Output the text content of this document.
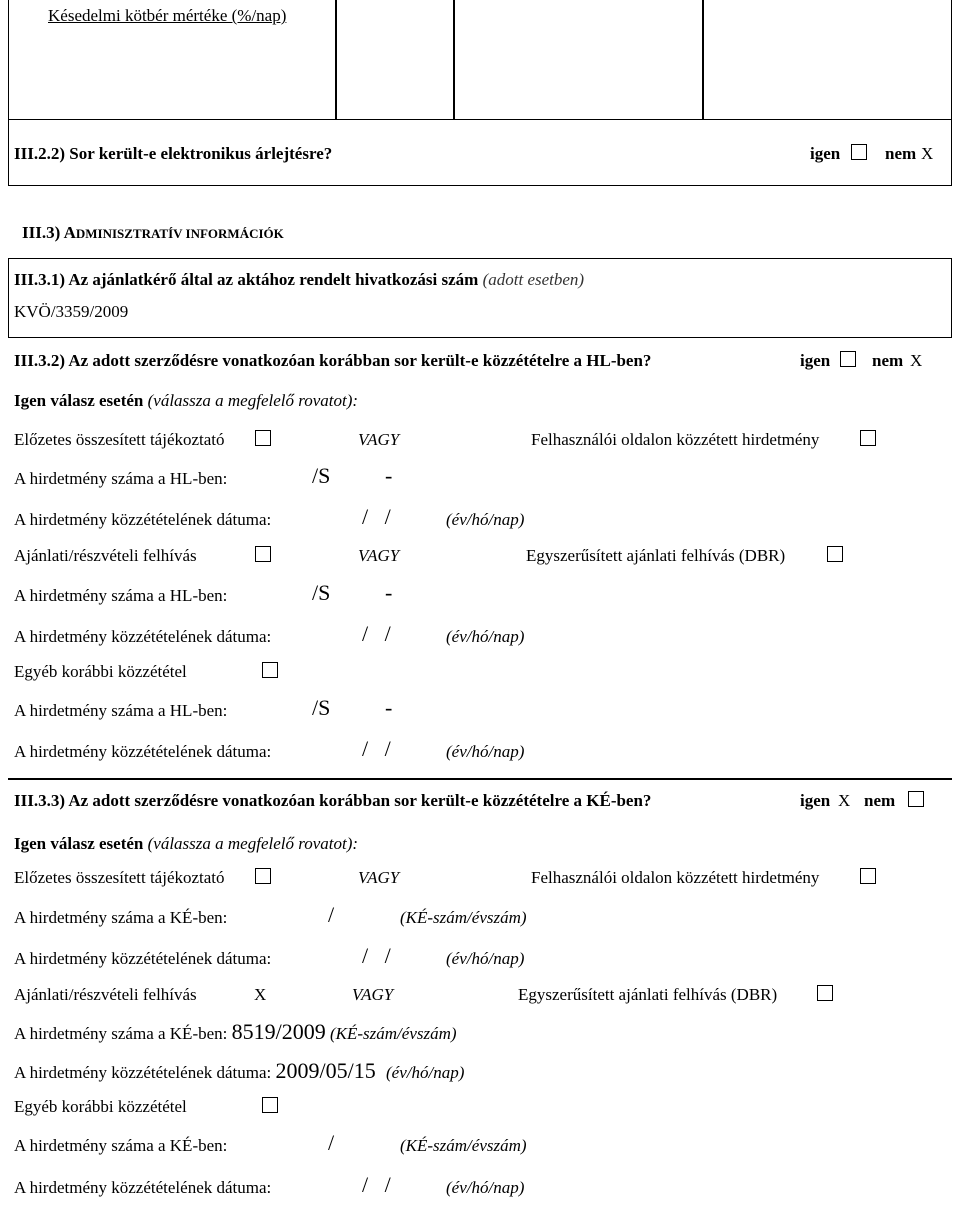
Késedelmi kötbér mértéke (%/nap)
III.2.2) Sor került-e elektronikus árlejtésre?	igen	nem X
III.3) ADMINISZTRATÍV INFORMÁCIÓK
III.3.1) Az ajánlatkérő által az aktához rendelt hivatkozási szám (adott esetben)
KVÖ/3359/2009
III.3.2) Az adott szerződésre vonatkozóan korábban sor került-e közzétételre a HL-ben?	igen nem X
Igen válasz esetén (válassza a megfelelő rovatot):
Előzetes összesített tájékoztató	VAGY	Felhasználói oldalon közzétett hirdetmény
A hirdetmény száma a HL-ben:	/S -
A hirdetmény közzétételének dátuma:	/   /	(év/hó/nap)
Ajánlati/részvételi felhívás	VAGY	Egyszerűsített ajánlati felhívás (DBR)
A hirdetmény száma a HL-ben:	/S -
A hirdetmény közzétételének dátuma:	/   /	(év/hó/nap)
Egyéb korábbi közzététel
A hirdetmény száma a HL-ben:	/S -
A hirdetmény közzétételének dátuma:	/   /	(év/hó/nap)
III.3.3) Az adott szerződésre vonatkozóan korábban sor került-e közzétételre a KÉ-ben?	igen X nem
Igen válasz esetén (válassza a megfelelő rovatot):
Előzetes összesített tájékoztató	VAGY	Felhasználói oldalon közzétett hirdetmény
A hirdetmény száma a KÉ-ben:	/	(KÉ-szám/évszám)
A hirdetmény közzétételének dátuma:	/   /	(év/hó/nap)
Ajánlati/részvételi felhívás	X	VAGY	Egyszerűsített ajánlati felhívás (DBR)
A hirdetmény száma a KÉ-ben: 8519/2009 (KÉ-szám/évszám)
A hirdetmény közzétételének dátuma: 2009/05/15 (év/hó/nap)
Egyéb korábbi közzététel
A hirdetmény száma a KÉ-ben:	/	(KÉ-szám/évszám)
A hirdetmény közzétételének dátuma:	/   /	(év/hó/nap)
